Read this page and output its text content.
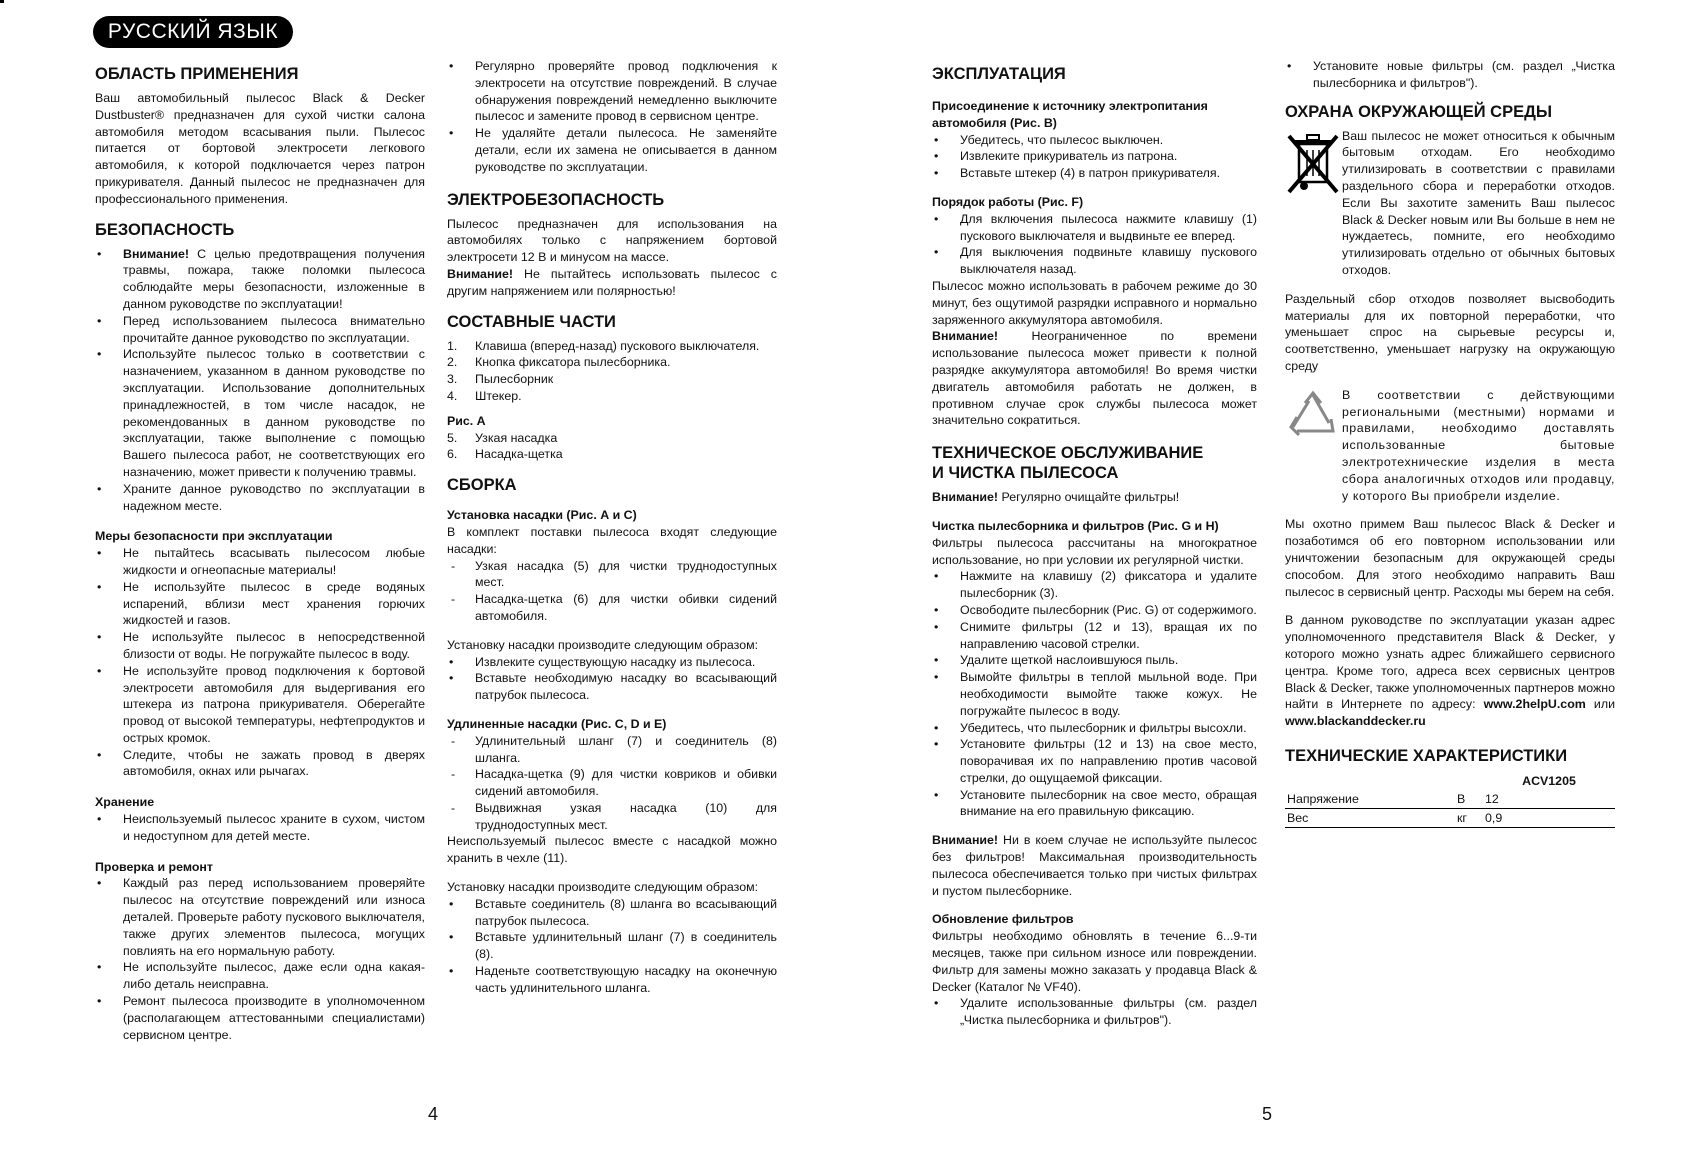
РУССКИЙ ЯЗЫК
ОБЛАСТЬ ПРИМЕНЕНИЯ

Ваш автомобильный пылесос Black & Decker Dustbuster® предназначен для сухой чистки салона автомобиля методом всасывания пыли. Пылесос питается от бортовой электросети легкового автомобиля, к которой подключается через патрон прикуривателя. Данный пылесос не предназначен для профессионального применения.

БЕЗОПАСНОСТЬ
• Внимание! С целью предотвращения получения травмы, пожара, также поломки пылесоса соблюдайте меры безопасности, изложенные в данном руководстве по эксплуатации!
• Перед использованием пылесоса внимательно прочитайте данное руководство по эксплуатации.
• Используйте пылесос только в соответствии с назначением, указанном в данном руководстве по эксплуатации. Использование дополнительных принадлежностей, в том числе насадок, не рекомендованных в данном руководстве по эксплуатации, также выполнение с помощью Вашего пылесоса работ, не соответствующих его назначению, может привести к получению травмы.
• Храните данное руководство по эксплуатации в надежном месте.
Меры безопасности при эксплуатации
• Не пытайтесь всасывать пылесосом любые жидкости и огнеопасные материалы!
• Не используйте пылесос в среде водяных испарений, вблизи мест хранения горючих жидкостей и газов.
• Не используйте пылесос в непосредственной близости от воды. Не погружайте пылесос в воду.
• Не используйте провод подключения к бортовой электросети автомобиля для выдергивания его штекера из патрона прикуривателя. Оберегайте провод от высокой температуры, нефтепродуктов и острых кромок.
• Следите, чтобы не зажать провод в дверях автомобиля, окнах или рычагах.
Хранение
• Неиспользуемый пылесос храните в сухом, чистом и недоступном для детей месте.
Проверка и ремонт
• Каждый раз перед использованием проверяйте пылесос на отсутствие повреждений или износа деталей. Проверьте работу пускового выключателя, также других элементов пылесоса, могущих повлиять на его нормальную работу.
• Не используйте пылесос, даже если одна какая-либо деталь неисправна.
• Ремонт пылесоса производите в уполномоченном (располагающем аттестованными специалистами) сервисном центре.
• Регулярно проверяйте провод подключения к электросети на отсутствие повреждений. В случае обнаружения повреждений немедленно выключите пылесос и замените провод в сервисном центре.
• Не удаляйте детали пылесоса. Не заменяйте детали, если их замена не описывается в данном руководстве по эксплуатации.
ЭЛЕКТРОБЕЗОПАСНОСТЬ

Пылесос предназначен для использования на автомобилях только с напряжением бортовой электросети 12 В и минусом на массе.

Внимание! Не пытайтесь использовать пылесос с другим напряжением или полярностью!

СОСТАВНЫЕ ЧАСТИ
1. Клавиша (вперед-назад) пускового выключателя.
2. Кнопка фиксатора пылесборника.
3. Пылесборник
4. Штекер.
Рис. А
5. Узкая насадка
6. Насадка-щетка
СБОРКА
Установка насадки (Рис. А и С)

В комплект поставки пылесоса входят следующие насадки:

- Узкая насадка (5) для чистки труднодоступных мест.
- Насадка-щетка (6) для чистки обивки сидений автомобиля.

Установку насадки производите следующим образом:

• Извлеките существующую насадку из пылесоса.
• Вставьте необходимую насадку во всасывающий патрубок пылесоса.
Удлиненные насадки (Рис. С, D и Е)
- Удлинительный шланг (7) и соединитель (8) шланга.
- Насадка-щетка (9) для чистки ковриков и обивки сидений автомобиля.
- Выдвижная узкая насадка (10) для труднодоступных мест.

Неиспользуемый пылесос вместе с насадкой можно хранить в чехле (11).

Установку насадки производите следующим образом:

• Вставьте соединитель (8) шланга во всасывающий патрубок пылесоса.
• Вставьте удлинительный шланг (7) в соединитель (8).
• Наденьте соответствующую насадку на оконечную часть удлинительного шланга.
ЭКСПЛУАТАЦИЯ
Присоединение к источнику электропитания автомобиля (Рис. В)
• Убедитесь, что пылесос выключен.
• Извлеките прикуриватель из патрона.
• Вставьте штекер (4) в патрон прикуривателя.
Порядок работы (Рис. F)
• Для включения пылесоса нажмите клавишу (1) пускового выключателя и выдвиньте ее вперед.
• Для выключения подвиньте клавишу пускового выключателя назад.

Пылесос можно использовать в рабочем режиме до 30 минут, без ощутимой разрядки исправного и нормально заряженного аккумулятора автомобиля.

Внимание! Неограниченное по времени использование пылесоса может привести к полной разрядке аккумулятора автомобиля! Во время чистки двигатель автомобиля работать не должен, в противном случае срок службы пылесоса может значительно сократиться.

ТЕХНИЧЕСКОЕ ОБСЛУЖИВАНИЕ
И ЧИСТКА ПЫЛЕСОСА

Внимание! Регулярно очищайте фильтры!

Чистка пылесборника и фильтров (Рис. G и Н)

Фильтры пылесоса рассчитаны на многократное использование, но при условии их регулярной чистки.

• Нажмите на клавишу (2) фиксатора и удалите пылесборник (3).
• Освободите пылесборник (Рис. G) от содержимого.
• Снимите фильтры (12 и 13), вращая их по направлению часовой стрелки.
• Удалите щеткой наслоившуюся пыль.
• Вымойте фильтры в теплой мыльной воде. При необходимости вымойте также кожух. Не погружайте пылесос в воду.
• Убедитесь, что пылесборник и фильтры высохли.
• Установите фильтры (12 и 13) на свое место, поворачивая их по направлению против часовой стрелки, до ощущаемой фиксации.
• Установите пылесборник на свое место, обращая внимание на его правильную фиксацию.

Внимание! Ни в коем случае не используйте пылесос без фильтров! Максимальная производительность пылесоса обеспечивается только при чистых фильтрах и пустом пылесборнике.

Обновление фильтров

Фильтры необходимо обновлять в течение 6...9-ти месяцев, также при сильном износе или повреждении. Фильтр для замены можно заказать у продавца Black & Decker (Каталог № VF40).

• Удалите использованные фильтры (см. раздел „Чистка пылесборника и фильтров").
• Установите новые фильтры (см. раздел „Чистка пылесборника и фильтров").
ОХРАНА ОКРУЖАЮЩЕЙ СРЕДЫ

Ваш пылесос не может относиться к обычным бытовым отходам. Его необходимо утилизировать в соответствии с правилами раздельного сбора и переработки отходов. Если Вы захотите заменить Ваш пылесос Black & Decker новым или Вы больше в нем не нуждаетесь, помните, его необходимо утилизировать отдельно от обычных бытовых отходов.

Раздельный сбор отходов позволяет высвободить материалы для их повторной переработки, что уменьшает спрос на сырьевые ресурсы и, соответственно, уменьшает нагрузку на окружающую среду

В соответствии с действующими региональными (местными) нормами и правилами, необходимо доставлять использованные бытовые электротехнические изделия в места сбора аналогичных отходов или продавцу, у которого Вы приобрели изделие.

Мы охотно примем Ваш пылесос Black & Decker и позаботимся об его повторном использовании или уничтожении безопасным для окружающей среды способом. Для этого необходимо направить Ваш пылесос в сервисный центр. Расходы мы берем на себя.

В данном руководстве по эксплуатации указан адрес уполномоченного представителя Black & Decker, у которого можно узнать адрес ближайшего сервисного центра. Кроме того, адреса всех сервисных центров Black & Decker, также уполномоченных партнеров можно найти в Интернете по адресу: www.2helpU.com или www.blackanddecker.ru

ТЕХНИЧЕСКИЕ ХАРАКТЕРИСТИКИ
		ACV1205
Напряжение	В	12
Вес	кг	0,9
4	5
